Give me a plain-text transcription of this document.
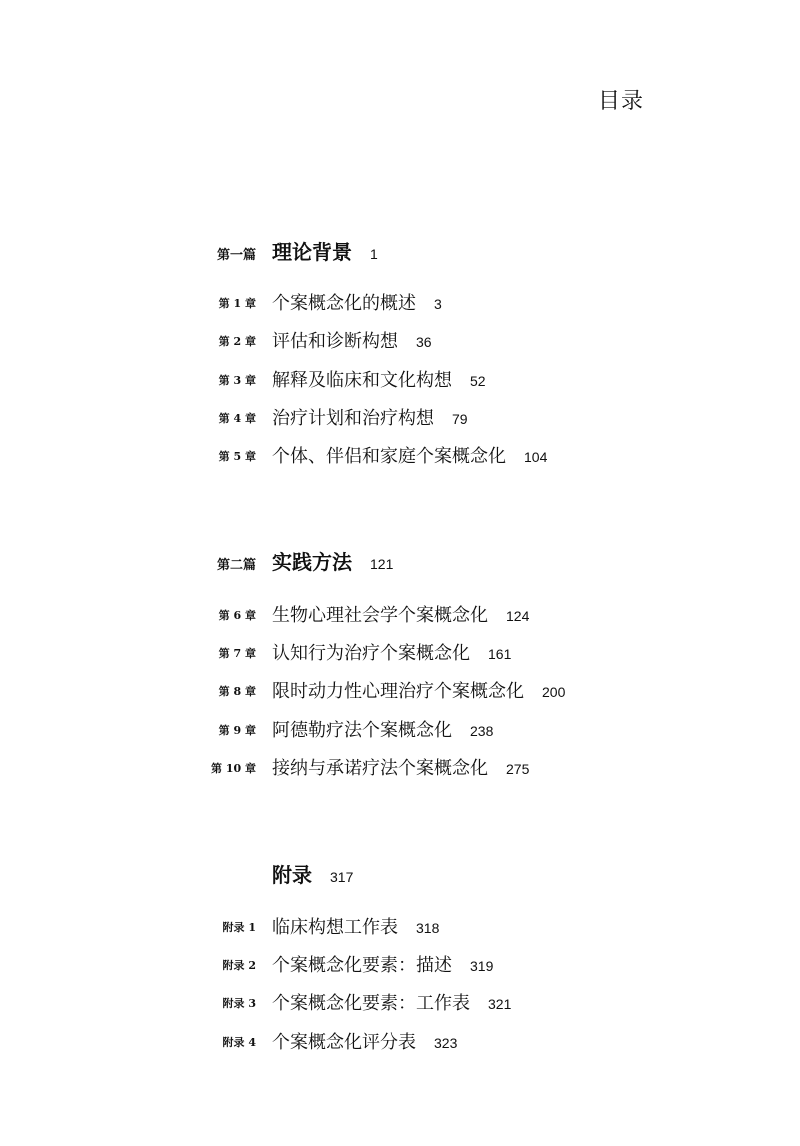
目录
第一篇 理论背景 1
第 1 章 个案概念化的概述 3
第 2 章 评估和诊断构想 36
第 3 章 解释及临床和文化构想 52
第 4 章 治疗计划和治疗构想 79
第 5 章 个体、伴侣和家庭个案概念化 104
第二篇 实践方法 121
第 6 章 生物心理社会学个案概念化 124
第 7 章 认知行为治疗个案概念化 161
第 8 章 限时动力性心理治疗个案概念化 200
第 9 章 阿德勒疗法个案概念化 238
第 10 章 接纳与承诺疗法个案概念化 275
附录 317
附录 1 临床构想工作表 318
附录 2 个案概念化要素：描述 319
附录 3 个案概念化要素：工作表 321
附录 4 个案概念化评分表 323
